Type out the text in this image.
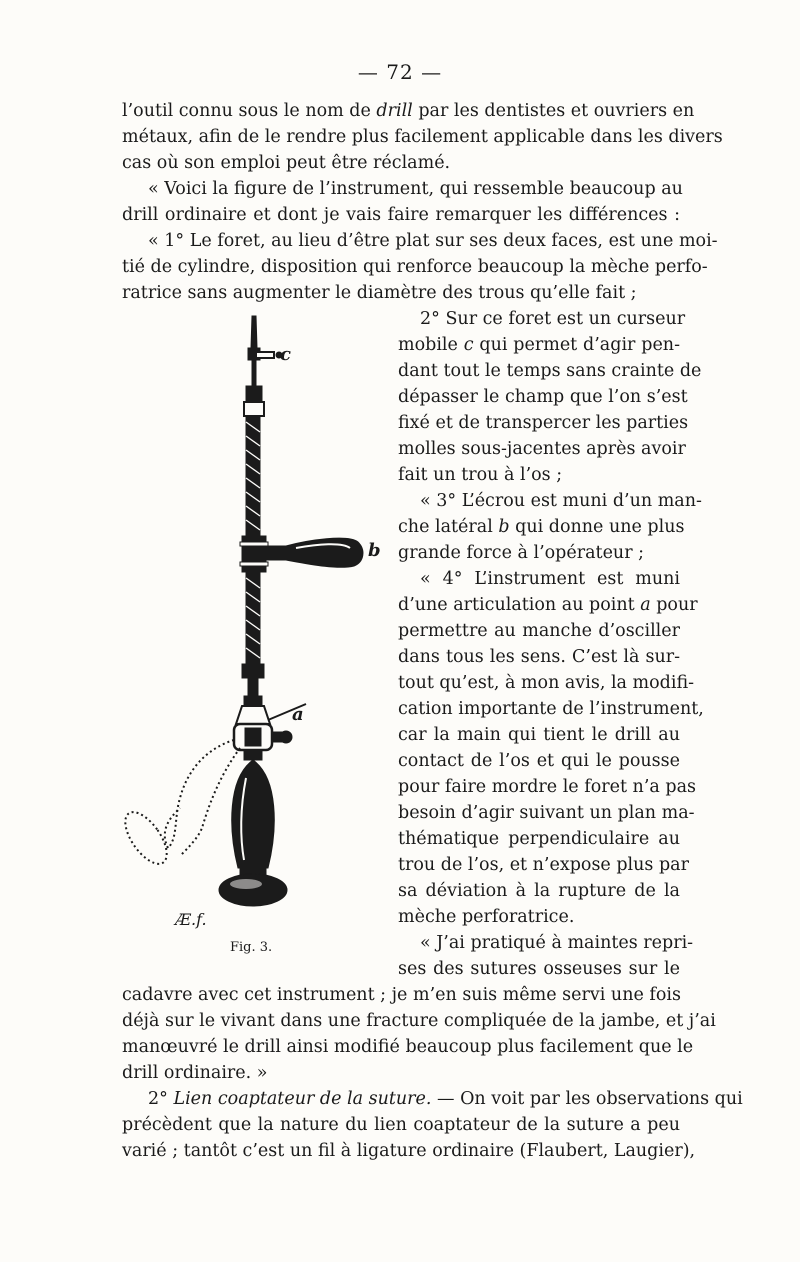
— 72 —
l’outil connu sous le nom de drill par les dentistes et ouvriers en
métaux, afin de le rendre plus facilement applicable dans les divers
cas où son emploi peut être réclamé.
« Voici la figure de l’instrument, qui ressemble beaucoup au
drill ordinaire et dont je vais faire remarquer les différences :
« 1° Le foret, au lieu d’être plat sur ses deux faces, est une moi-
tié de cylindre, disposition qui renforce beaucoup la mèche perfo-
ratrice sans augmenter le diamètre des trous qu’elle fait ;
2° Sur ce foret est un curseur
mobile c qui permet d’agir pen-
dant tout le temps sans crainte de
dépasser le champ que l’on s’est
fixé et de transpercer les parties
molles sous-jacentes après avoir
fait un trou à l’os ;
« 3° L’écrou est muni d’un man-
che latéral b qui donne une plus
grande force à l’opérateur ;
« 4° L’instrument est muni
d’une articulation au point a pour
permettre au manche d’osciller
dans tous les sens. C’est là sur-
tout qu’est, à mon avis, la modifi-
cation importante de l’instrument,
car la main qui tient le drill au
contact de l’os et qui le pousse
pour faire mordre le foret n’a pas
besoin d’agir suivant un plan ma-
thématique perpendiculaire au
trou de l’os, et n’expose plus par
sa déviation à la rupture de la
mèche perforatrice.
« J’ai pratiqué à maintes repri-
ses des sutures osseuses sur le
cadavre avec cet instrument ; je m’en suis même servi une fois
déjà sur le vivant dans une fracture compliquée de la jambe, et j’ai
manœuvré le drill ainsi modifié beaucoup plus facilement que le
drill ordinaire. »
2° Lien coaptateur de la suture. — On voit par les observations qui
précèdent que la nature du lien coaptateur de la suture a peu
varié ; tantôt c’est un fil à ligature ordinaire (Flaubert, Laugier),
c
b
a
Æ.f.
Fig. 3.
